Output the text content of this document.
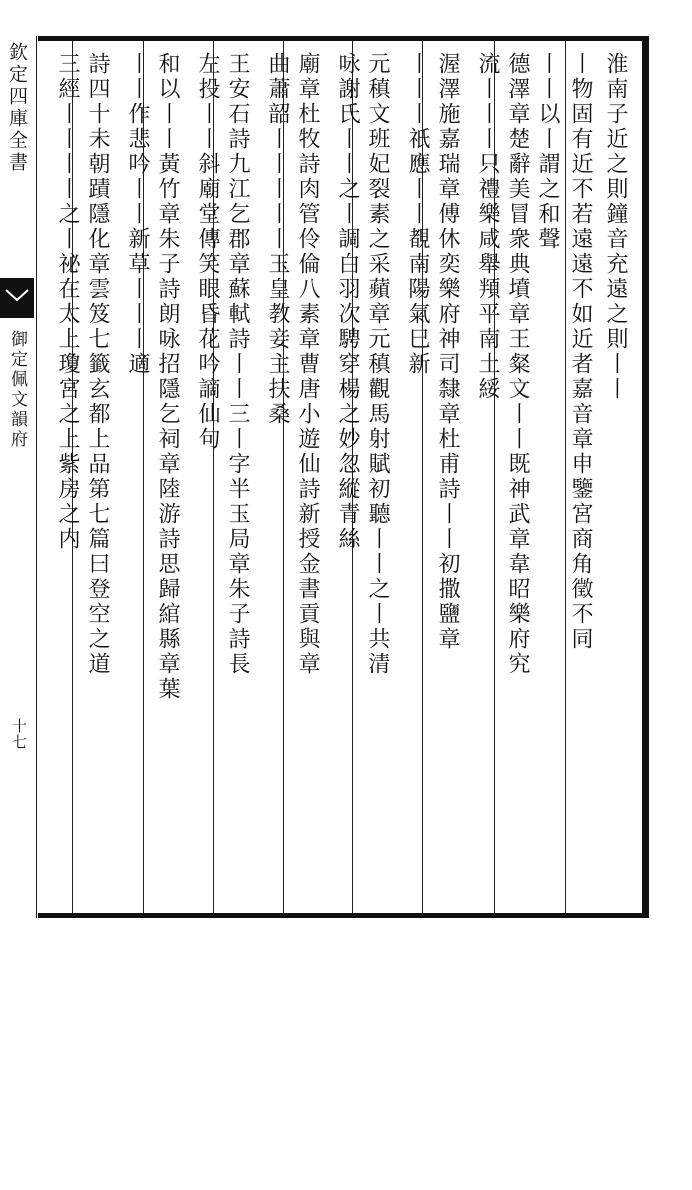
欽定四庫全書
御定佩文韻府
十七
淮南子近之則鐘音充遠之則丨丨
丨物固有近不若遠遠不如近者嘉音章申鑒宮商角徵不同
丨丨以丨謂之和聲
德澤章楚辭美冒衆典墳章王粲文丨丨既神武章韋昭樂府究
流丨丨丨只禮樂咸舉頖平南土綏
渥澤施嘉瑞章傅休奕樂府神司隸章杜甫詩丨丨初撒鹽章
丨丨丨祇應丨丨覩南陽氣巳新
元稹文班妃裂素之采蘋章元稹觀馬射賦初聽丨丨之丨共清
咏謝氏丨丨之丨調白羽次騁穿楊之妙忽縱青絲
廟章杜牧詩肉管伶倫八素章曹唐小遊仙詩新授金書貢與章
曲蕭韶丨丨丨丨丨玉皇教妾主扶桑
王安石詩九江乞郡章蘇軾詩丨丨三丨字半玉局章朱子詩長
左投丨丨斜廟堂傳笑眼昏花吟謫仙句
和以丨丨黃竹章朱子詩朗咏招隱乞祠章陸游詩思歸綰縣章葉
丨丨作悲吟丨丨新草丨丨丨適
詩四十未朝蹟隱化章雲笈七籤玄都上品第七篇曰登空之道
三經丨丨丨丨之丨祕在太上瓊宮之上紫房之内
